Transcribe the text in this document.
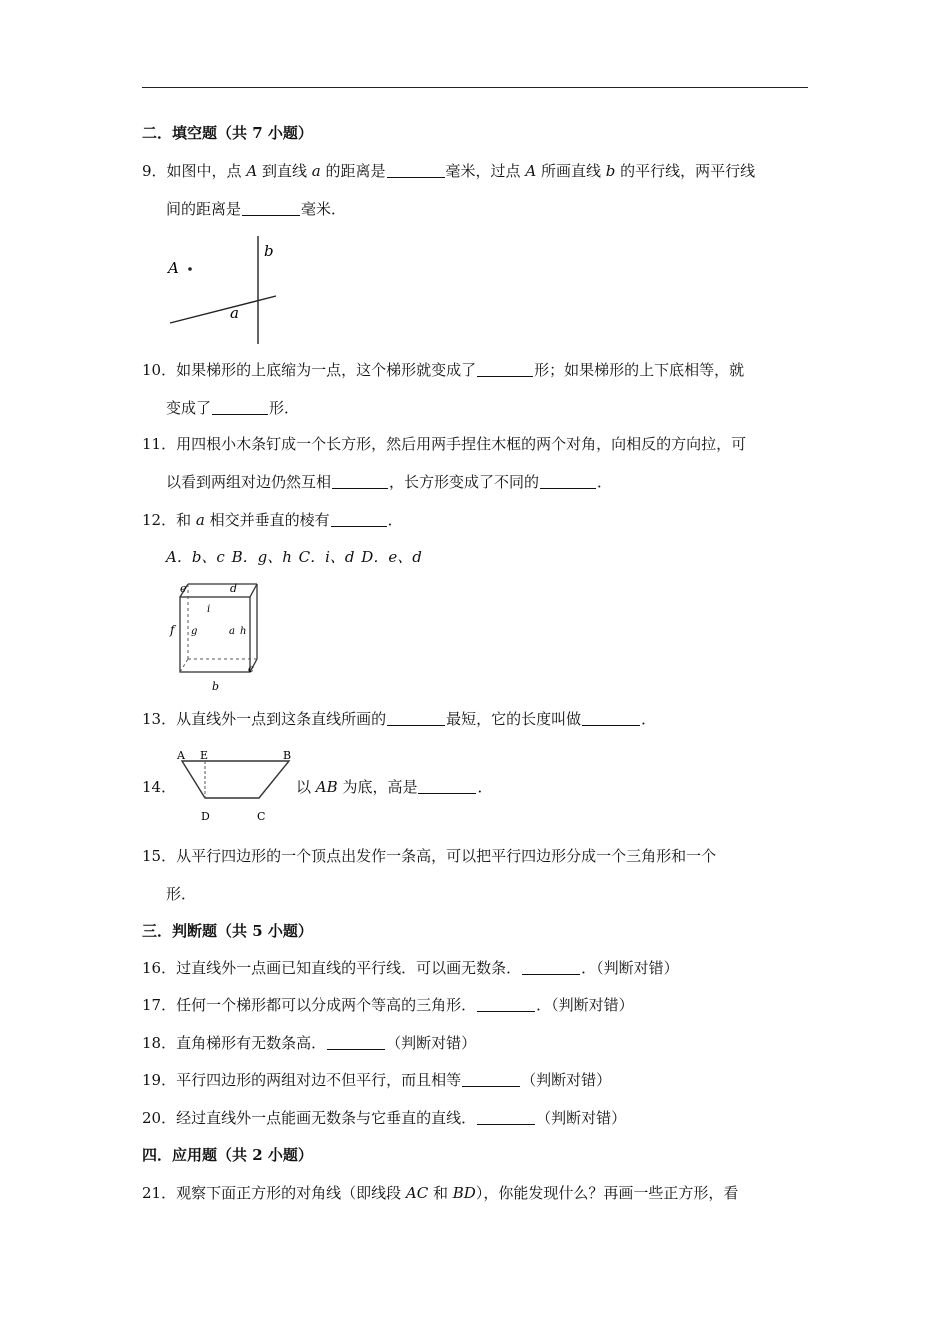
二．填空题（共 7 小题）
9．如图中，点 A 到直线 a 的距离是	毫米，过点 A 所画直线 b 的平行线，两平行线
间的距离是	毫米．
A
b
a
10．如果梯形的上底缩为一点，这个梯形就变成了	形；如果梯形的上下底相等，就
变成了	形．
11．用四根小木条钉成一个长方形，然后用两手捏住木框的两个对角，向相反的方向拉，可
以看到两组对边仍然互相	，长方形变成了不同的	．
12．和 a 相交并垂直的棱有	．
A．b、c B．g、h C．i、d D．e、d
e	d
i
f g	a h
c
b
13．从直线外一点到这条直线所画的	最短，它的长度叫做	．
14．
A E	B
D	C
以 AB 为底，高是	．
15．从平行四边形的一个顶点出发作一条高，可以把平行四边形分成一个三角形和一个
形．
三．判断题（共 5 小题）
16．过直线外一点画已知直线的平行线．可以画无数条．	．（判断对错）
17．任何一个梯形都可以分成两个等高的三角形．	．（判断对错）
18．直角梯形有无数条高．	（判断对错）
19．平行四边形的两组对边不但平行，而且相等	（判断对错）
20．经过直线外一点能画无数条与它垂直的直线．	（判断对错）
四．应用题（共 2 小题）
21．观察下面正方形的对角线（即线段 AC 和 BD），你能发现什么？再画一些正方形，看
